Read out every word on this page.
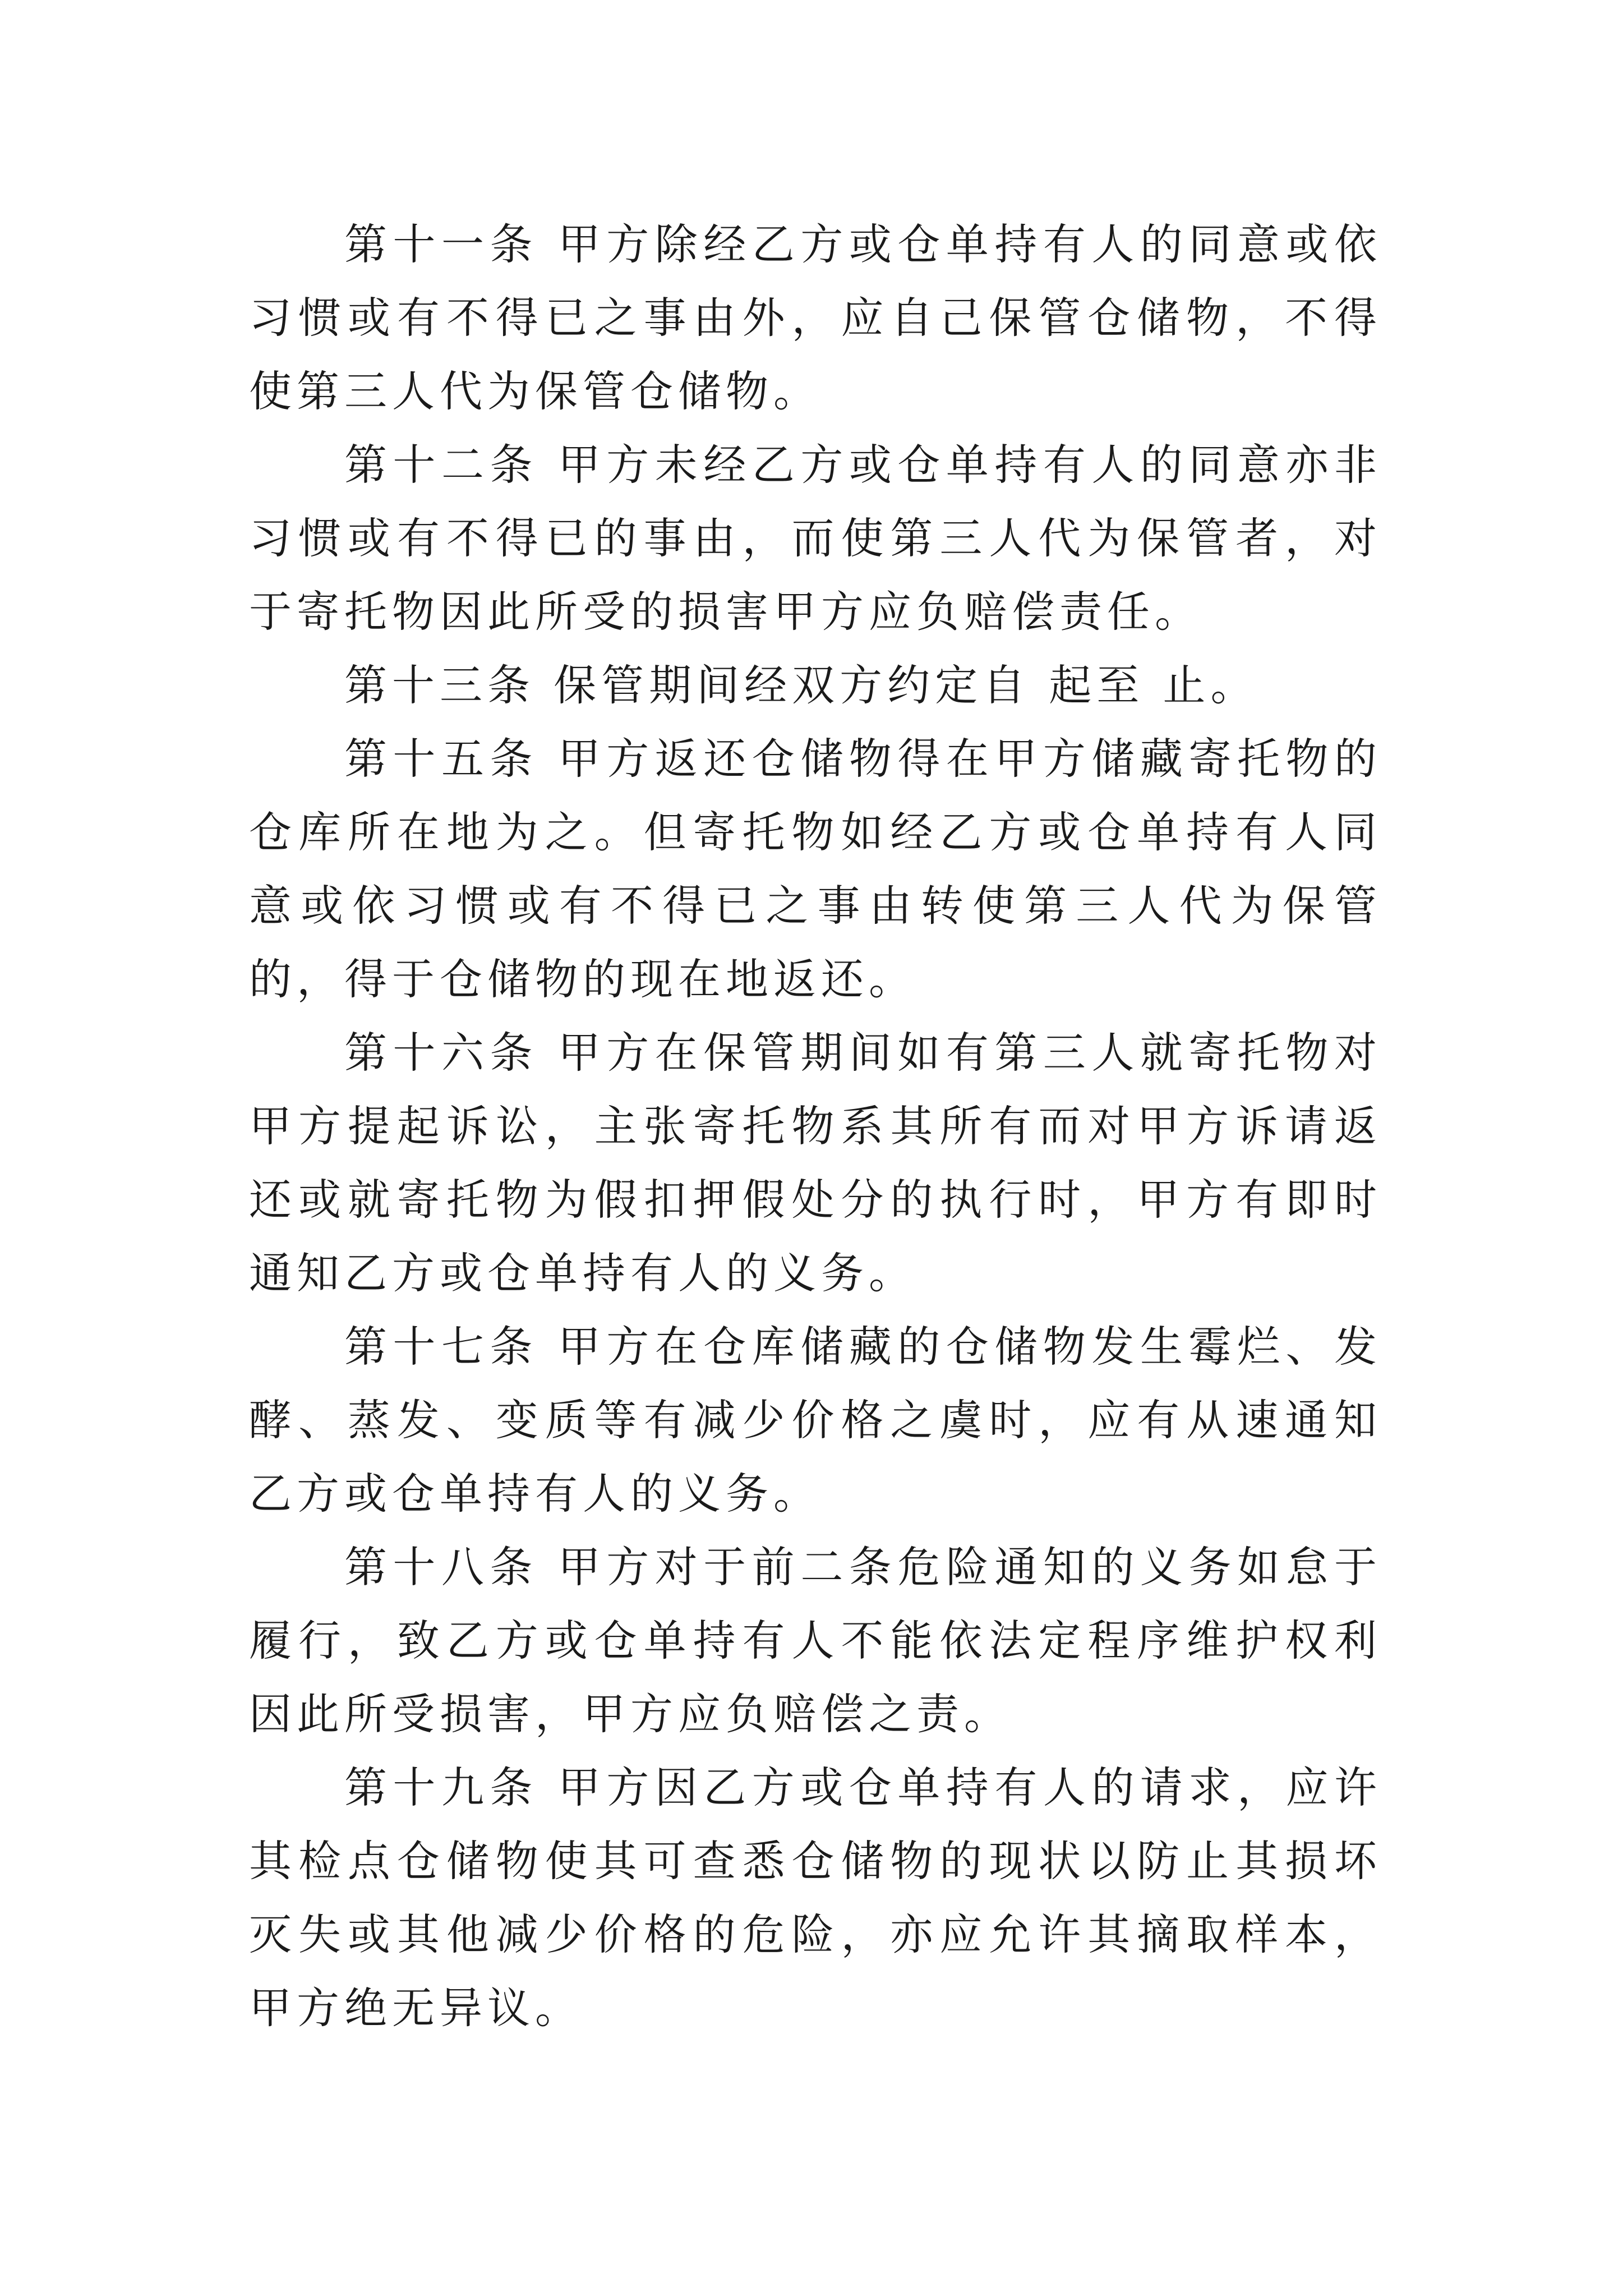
第十一条 甲方除经乙方或仓单持有人的同意或依习惯或有不得已之事由外，应自己保管仓储物，不得使第三人代为保管仓储物。

第十二条 甲方未经乙方或仓单持有人的同意亦非习惯或有不得已的事由，而使第三人代为保管者，对于寄托物因此所受的损害甲方应负赔偿责任。

第十三条 保管期间经双方约定自 起至 止。

第十五条 甲方返还仓储物得在甲方储藏寄托物的仓库所在地为之。但寄托物如经乙方或仓单持有人同意或依习惯或有不得已之事由转使第三人代为保管的，得于仓储物的现在地返还。

第十六条 甲方在保管期间如有第三人就寄托物对甲方提起诉讼，主张寄托物系其所有而对甲方诉请返还或就寄托物为假扣押假处分的执行时，甲方有即时通知乙方或仓单持有人的义务。

第十七条 甲方在仓库储藏的仓储物发生霉烂、发酵、蒸发、变质等有减少价格之虞时，应有从速通知乙方或仓单持有人的义务。

第十八条 甲方对于前二条危险通知的义务如怠于履行，致乙方或仓单持有人不能依法定程序维护权利因此所受损害，甲方应负赔偿之责。

第十九条 甲方因乙方或仓单持有人的请求，应许其检点仓储物使其可查悉仓储物的现状以防止其损坏灭失或其他减少价格的危险，亦应允许其摘取样本，甲方绝无异议。
